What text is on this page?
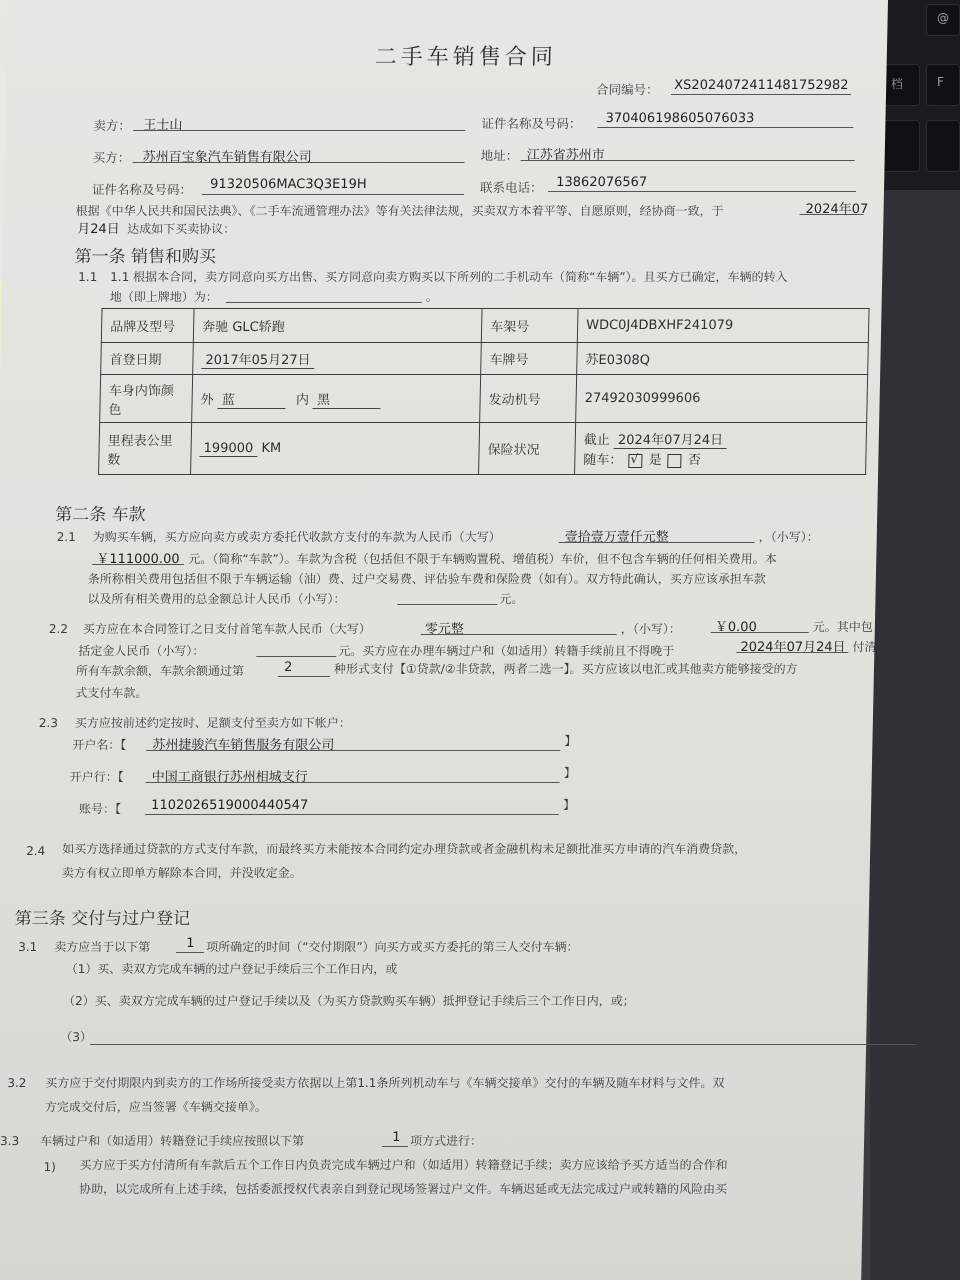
@
档	F
二手车销售合同
合同编号： XS2024072411481752982
卖方： 王士山	证件名称及号码： 370406198605076033
买方： 苏州百宝象汽车销售有限公司	地址： 江苏省苏州市
证件名称及号码： 91320506MAC3Q3E19H	联系电话： 13862076567
根据《中华人民共和国民法典》、《二手车流通管理办法》等有关法律法规，买卖双方本着平等、自愿原则，经协商一致，于	2024年07
月24日 达成如下买卖协议：
第一条 销售和购买
1.1 1.1 根据本合同，卖方同意向买方出售、买方同意向卖方购买以下所列的二手机动车（简称“车辆”）。且买方已确定，车辆的转入
地（即上牌地）为：	。
品牌及型号	奔驰 GLC轿跑	车架号	WDC0J4DBXHF241079
首登日期	2017年05月27日	车牌号	苏E0308Q
车身内饰颜色	外 蓝 内 黑	发动机号	27492030999606
里程表公里数	199000 KM	保险状况	截止 2024年07月24日
随车： √ 是 否
第二条 车款
2.1 为购买车辆，买方应向卖方或卖方委托代收款方支付的车款为人民币（大写）	壹拾壹万壹仟元整	，（小写）：
￥111000.00 元。（简称“车款”）。车款为含税（包括但不限于车辆购置税、增值税）车价，但不包含车辆的任何相关费用。本
条所称相关费用包括但不限于车辆运输（油）费、过户交易费、评估验车费和保险费（如有）。双方特此确认，买方应该承担车款
以及所有相关费用的总金额总计人民币（小写）：	元。
2.2 买方应在本合同签订之日支付首笔车款人民币（大写）	零元整	，（小写）：	￥0.00	元。其中包
括定金人民币（小写）：	元。买方应在办理车辆过户和（如适用）转籍手续前且不得晚于	2024年07月24日 付清
所有车款余额，车款余额通过第	2	种形式支付【①贷款/②非贷款，两者二选一】。买方应该以电汇或其他卖方能够接受的方
式支付车款。
2.3 买方应按前述约定按时、足额支付至卖方如下帐户：
开户名：【 苏州捷骏汽车销售服务有限公司	】
开户行：【 中国工商银行苏州相城支行	】
账号：【 1102026519000440547	】
2.4 如买方选择通过贷款的方式支付车款，而最终买方未能按本合同约定办理贷款或者金融机构未足额批准买方申请的汽车消费贷款，
卖方有权立即单方解除本合同，并没收定金。
第三条 交付与过户登记
3.1 卖方应当于以下第	1 项所确定的时间（“交付期限”）向买方或买方委托的第三人交付车辆：
（1）买、卖双方完成车辆的过户登记手续后三个工作日内，或
（2）买、卖双方完成车辆的过户登记手续以及（为买方贷款购买车辆）抵押登记手续后三个工作日内，或；
（3）
3.2 买方应于交付期限内到卖方的工作场所接受卖方依据以上第1.1条所列机动车与《车辆交接单》交付的车辆及随车材料与文件。双
方完成交付后，应当签署《车辆交接单》。
3.3 车辆过户和（如适用）转籍登记手续应按照以下第	1 项方式进行：
1) 买方应于买方付清所有车款后五个工作日内负责完成车辆过户和（如适用）转籍登记手续；卖方应该给予买方适当的合作和
协助，以完成所有上述手续，包括委派授权代表亲自到登记现场签署过户文件。车辆迟延或无法完成过户或转籍的风险由买
